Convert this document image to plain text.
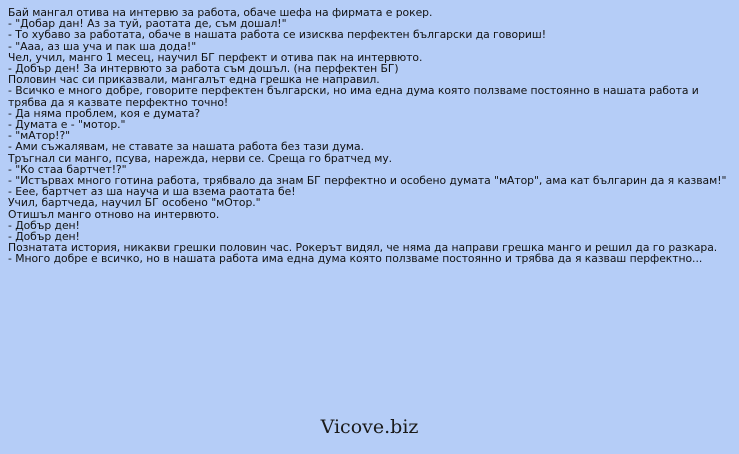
Бай мангал отива на интервю за работа, обаче шефа на фирмата е рокер.
- "Добар дан! Аз за туй, раотата де, съм дошал!"
- То хубаво за работата, обаче в нашата работа се изисква перфектен български да говориш!
- "Ааа, аз ша уча и пак ша дода!"
Чел, учил, манго 1 месец, научил БГ перфект и отива пак на интервюто.
- Добър ден! За интервюто за работа съм дошъл. (на перфектен БГ)
Половин час си приказвали, мангалът една грешка не направил.
- Всичко е много добре, говорите перфектен български, но има една дума която ползваме постоянно в нашата работа и трябва да я казвате перфектно точно!
- Да няма проблем, коя е думата?
- Думата е - "мотор."
- "мАтор!?"
- Ами съжалявам, не ставате за нашата работа без тази дума.
Тръгнал си манго, псува, нарежда, нерви се. Среща го братчед му.
- "Ко стаа бартчет!?"
- "Истървах много готина работа, трябвало да знам БГ перфектно и особено думата "мАтор", ама кат българин да я казвам!"
- Еее, бартчет аз ша науча и ша взема раотата бе!
Учил, бартчеда, научил БГ особено "мОтор."
Отишъл манго отново на интервюто.
- Добър ден!
- Добър ден!
Познатата история, никакви грешки половин час. Рокерът видял, че няма да направи грешка манго и решил да го разкара.
- Много добре е всичко, но в нашата работа има една дума която ползваме постоянно и трябва да я казваш перфектно...
Vicove.biz
